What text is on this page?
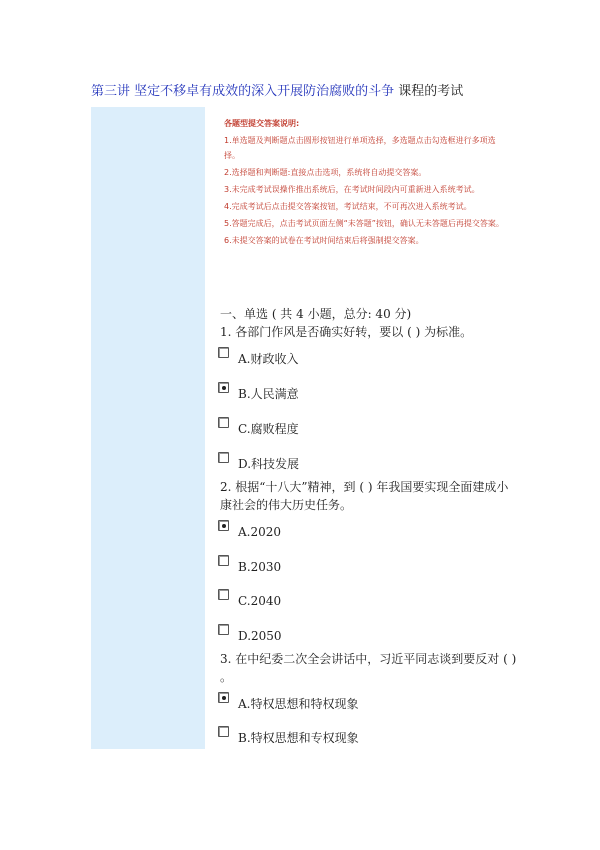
第三讲 坚定不移卓有成效的深入开展防治腐败的斗争 课程的考试
各题型提交答案说明:

1.单选题及判断题点击圆形按钮进行单项选择，多选题点击勾选框进行多项选择。

2.选择题和判断题:直接点击选项，系统将自动提交答案。

3.未完成考试误操作推出系统后，在考试时间段内可重新进入系统考试。

4.完成考试后点击提交答案按钮，考试结束，不可再次进入系统考试。

5.答题完成后，点击考试页面左侧“未答题”按钮，确认无未答题后再提交答案。

6.未提交答案的试卷在考试时间结束后将强制提交答案。

一、单选 ( 共 4 小题，总分: 40 分)
1. 各部门作风是否确实好转，要以 ( ) 为标准。
A.财政收入
B.人民满意
C.腐败程度
D.科技发展
2. 根据“十八大”精神，到 ( ) 年我国要实现全面建成小康社会的伟大历史任务。
A.2020
B.2030
C.2040
D.2050
3. 在中纪委二次全会讲话中，习近平同志谈到要反对 ( ) 。
A.特权思想和特权现象
B.特权思想和专权现象
